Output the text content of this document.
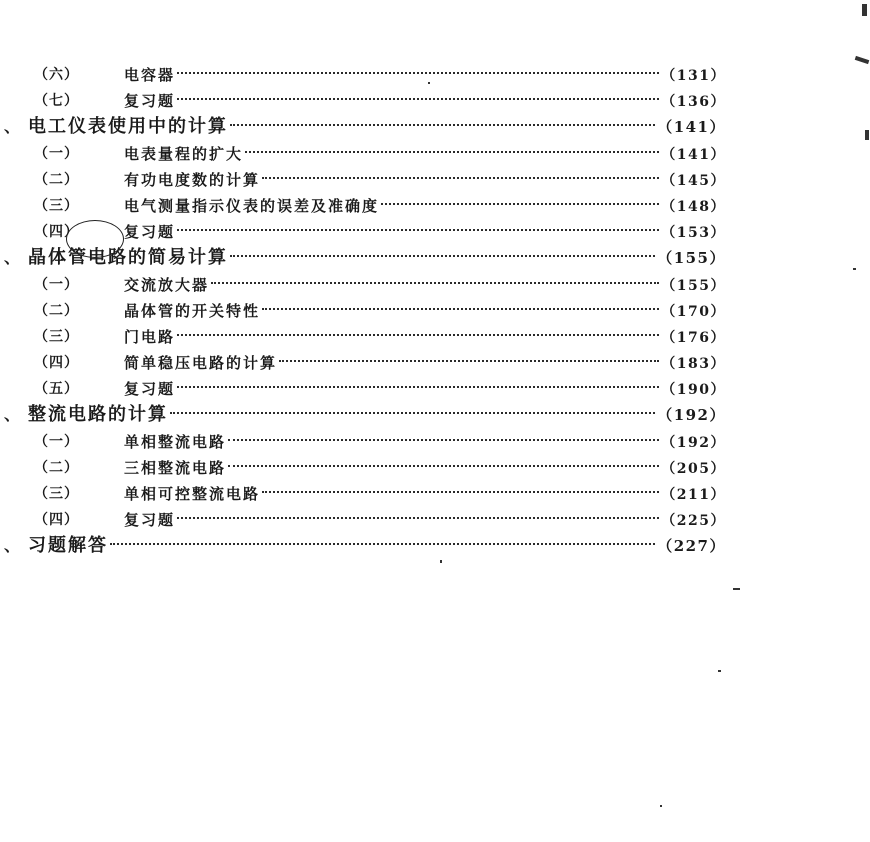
（六）	电容器	（131）
（七）	复习题	（136）
、 电工仪表使用中的计算	（141）
（一）	电表量程的扩大	（141）
（二）	有功电度数的计算	（145）
（三）	电气测量指示仪表的误差及准确度	（148）
（四）	复习题	（153）
、 晶体管电路的简易计算	（155）
（一）	交流放大器	（155）
（二）	晶体管的开关特性	（170）
（三）	门电路	（176）
（四）	简单稳压电路的计算	（183）
（五）	复习题	（190）
、 整流电路的计算	（192）
（一）	单相整流电路	（192）
（二）	三相整流电路	（205）
（三）	单相可控整流电路	（211）
（四）	复习题	（225）
、 习题解答	（227）
